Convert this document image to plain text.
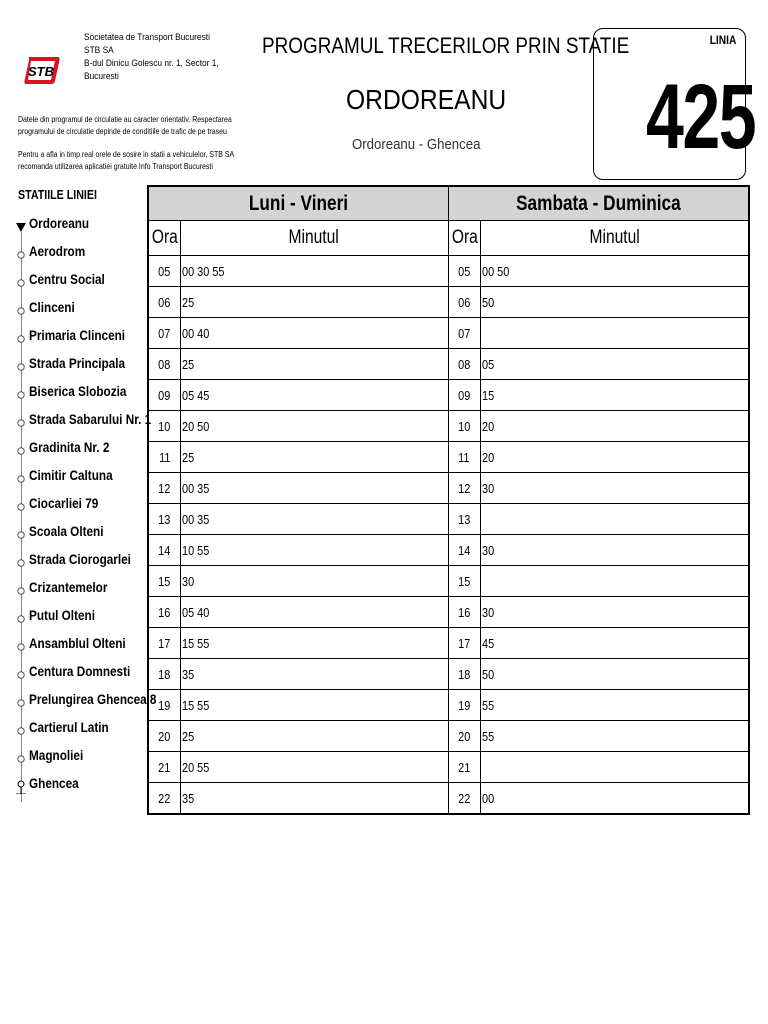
STB
Societatea de Transport Bucuresti
STB SA
B-dul Dinicu Golescu nr. 1, Sector 1,
Bucuresti
Datele din programul de circulatie au caracter orientativ. Respectarea
programului de circulatie depinde de conditiile de trafic de pe traseu
Pentru a afla in timp real orele de sosire in statii a vehiculelor, STB SA
recomanda utilizarea aplicatiei gratuite Info Transport Bucuresti
PROGRAMUL TRECERILOR PRIN STATIE
ORDOREANU
Ordoreanu - Ghencea
LINIA
425
STATIILE LINIEI
Ordoreanu
Aerodrom
Centru Social
Clinceni
Primaria Clinceni
Strada Principala
Biserica Slobozia
Strada Sabarului Nr. 1
Gradinita Nr. 2
Cimitir Caltuna
Ciocarliei 79
Scoala Olteni
Strada Ciorogarlei
Crizantemelor
Putul Olteni
Ansamblul Olteni
Centura Domnesti
Prelungirea Ghencea 8
Cartierul Latin
Magnoliei
Ghencea
Luni - Vineri		Sambata - Duminica	
Ora	Minutul	Ora	Minutul
05	00 30 55	05	00 50
06	25	06	50
07	00 40	07	
08	25	08	05
09	05 45	09	15
10	20 50	10	20
11	25	11	20
12	00 35	12	30
13	00 35	13	
14	10 55	14	30
15	30	15	
16	05 40	16	30
17	15 55	17	45
18	35	18	50
19	15 55	19	55
20	25	20	55
21	20 55	21	
22	35	22	00
